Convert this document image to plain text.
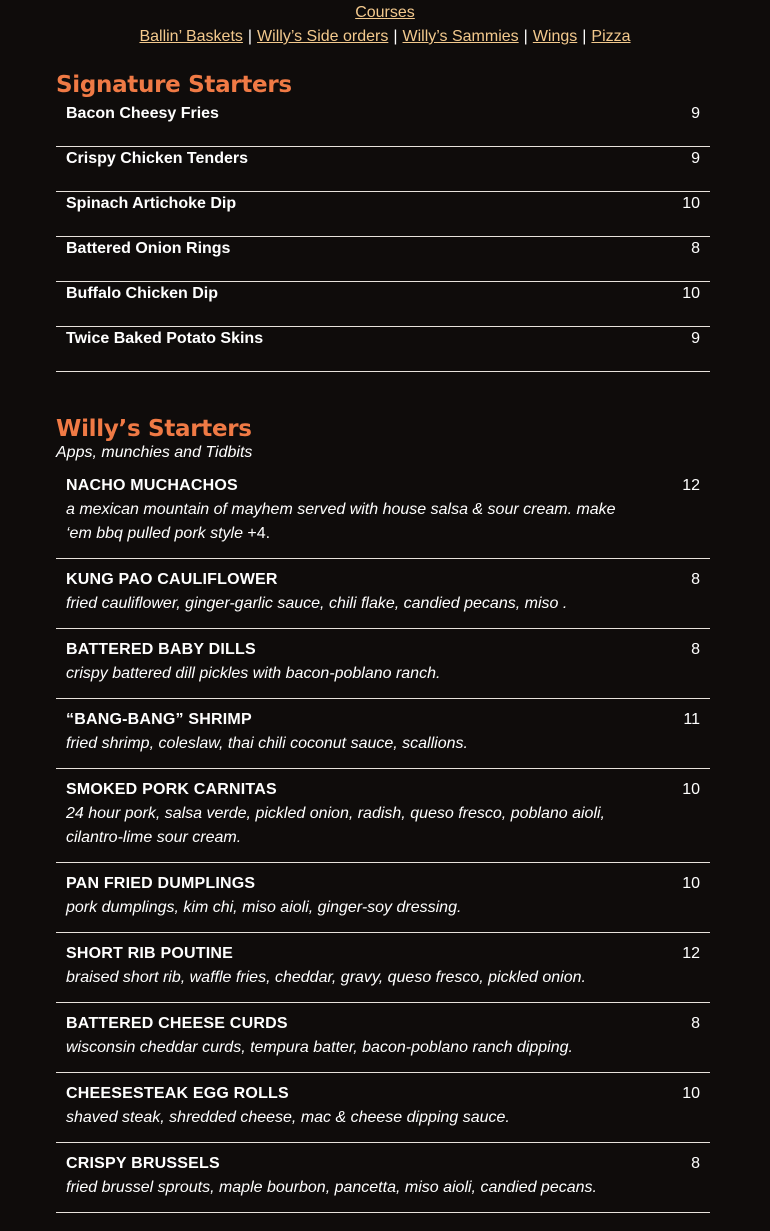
Courses
Ballin’ Baskets | Willy’s Side orders | Willy’s Sammies | Wings | Pizza
Signature Starters
Bacon Cheesy Fries	9
Crispy Chicken Tenders	9
Spinach Artichoke Dip	10
Battered Onion Rings	8
Buffalo Chicken Dip	10
Twice Baked Potato Skins	9
Willy’s Starters

Apps, munchies and Tidbits

NACHO MUCHACHOS
a mexican mountain of mayhem served with house salsa & sour cream. make ‘em bbq pulled pork style +4.
12
KUNG PAO CAULIFLOWER
fried cauliflower, ginger-garlic sauce, chili flake, candied pecans, miso .
8
BATTERED BABY DILLS
crispy battered dill pickles with bacon-poblano ranch.
8
“BANG-BANG” SHRIMP
fried shrimp, coleslaw, thai chili coconut sauce, scallions.
11
SMOKED PORK CARNITAS
24 hour pork, salsa verde, pickled onion, radish, queso fresco, poblano aioli, cilantro-lime sour cream.
10
PAN FRIED DUMPLINGS
pork dumplings, kim chi, miso aioli, ginger-soy dressing.
10
SHORT RIB POUTINE
braised short rib, waffle fries, cheddar, gravy, queso fresco, pickled onion.
12
BATTERED CHEESE CURDS
wisconsin cheddar curds, tempura batter, bacon-poblano ranch dipping.
8
CHEESESTEAK EGG ROLLS
shaved steak, shredded cheese, mac & cheese dipping sauce.
10
CRISPY BRUSSELS
fried brussel sprouts, maple bourbon, pancetta, miso aioli, candied pecans.
8
